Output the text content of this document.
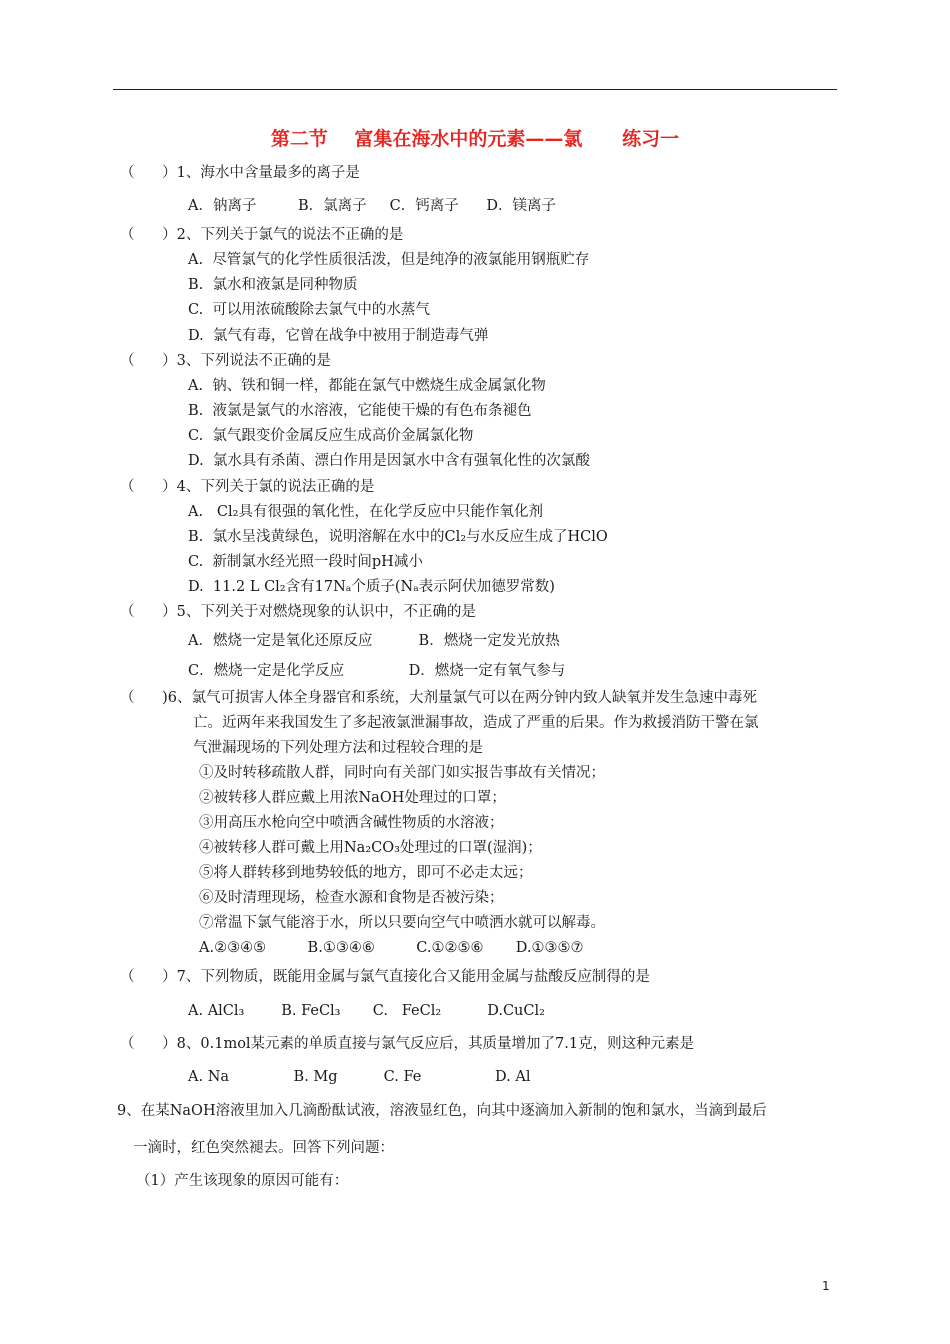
第二节    富集在海水中的元素——氯      练习一
（      ）1、海水中含量最多的离子是
A．钠离子         B．氯离子     C．钙离子      D．镁离子
（      ）2、下列关于氯气的说法不正确的是
A.  尽管氯气的化学性质很活泼，但是纯净的液氯能用钢瓶贮存
B.  氯水和液氯是同种物质
C.  可以用浓硫酸除去氯气中的水蒸气
D.  氯气有毒，它曾在战争中被用于制造毒气弹
（      ）3、下列说法不正确的是
A.  钠、铁和铜一样，都能在氯气中燃烧生成金属氯化物
B.  液氯是氯气的水溶液，它能使干燥的有色布条褪色
C.  氯气跟变价金属反应生成高价金属氯化物
D.  氯水具有杀菌、漂白作用是因氯水中含有强氧化性的次氯酸
（      ）4、下列关于氯的说法正确的是
A.   Cl₂具有很强的氧化性，在化学反应中只能作氧化剂
B.  氯水呈浅黄绿色，说明溶解在水中的Cl₂与水反应生成了HClO
C.  新制氯水经光照一段时间pH减小
D.  11.2 L Cl₂含有17Nₐ个质子(Nₐ表示阿伏加德罗常数)
（      ）5、下列关于对燃烧现象的认识中，不正确的是
A．燃烧一定是氧化还原反应          B．燃烧一定发光放热
C．燃烧一定是化学反应              D．燃烧一定有氧气参与
（      )6、氯气可损害人体全身器官和系统，大剂量氯气可以在两分钟内致人缺氧并发生急速中毒死
亡。近两年来我国发生了多起液氯泄漏事故，造成了严重的后果。作为救援消防干警在氯
气泄漏现场的下列处理方法和过程较合理的是
①及时转移疏散人群，同时向有关部门如实报告事故有关情况；
②被转移人群应戴上用浓NaOH处理过的口罩；
③用高压水枪向空中喷洒含碱性物质的水溶液；
④被转移人群可戴上用Na₂CO₃处理过的口罩(湿润)；
⑤将人群转移到地势较低的地方，即可不必走太远；
⑥及时清理现场，检查水源和食物是否被污染；
⑦常温下氯气能溶于水，所以只要向空气中喷洒水就可以解毒。
A.②③④⑤         B.①③④⑥         C.①②⑤⑥       D.①③⑤⑦
（      ）7、下列物质，既能用金属与氯气直接化合又能用金属与盐酸反应制得的是
A. AlCl₃        B. FeCl₃       C.   FeCl₂          D.CuCl₂
（      ）8、0.1mol某元素的单质直接与氯气反应后，其质量增加了7.1克，则这种元素是
A. Na              B. Mg          C. Fe                D. Al
9、在某NaOH溶液里加入几滴酚酞试液，溶液显红色，向其中逐滴加入新制的饱和氯水，当滴到最后
一滴时，红色突然褪去。回答下列问题：
（1）产生该现象的原因可能有：
1
